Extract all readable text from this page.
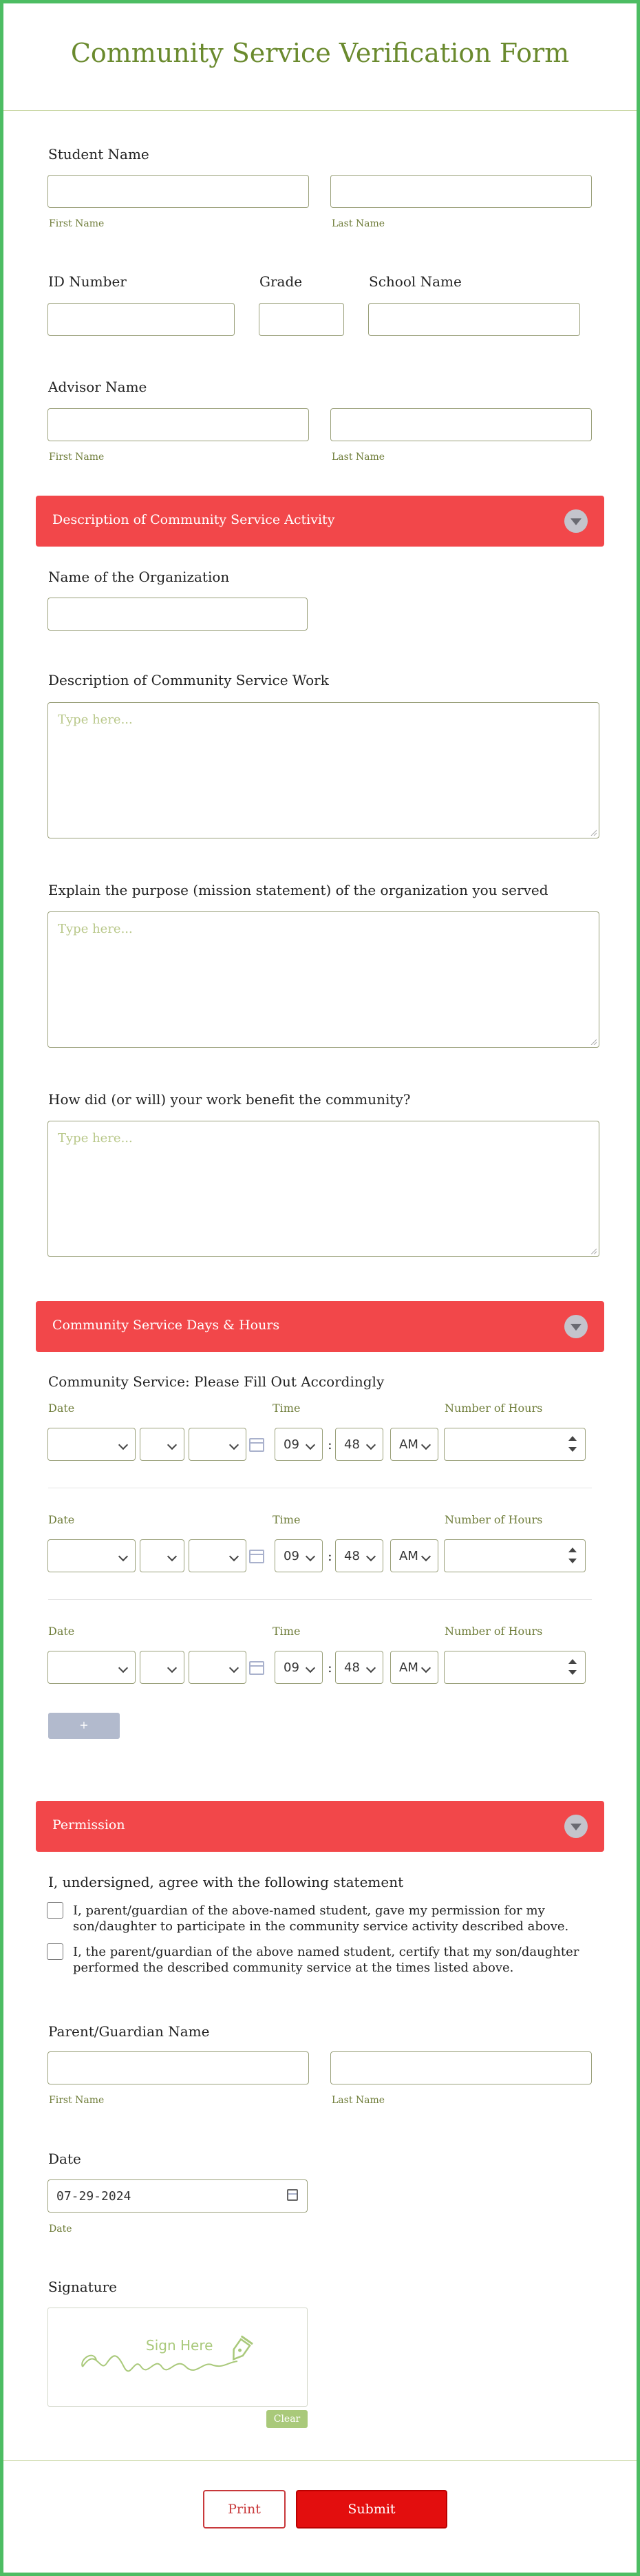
Community Service Verification Form
Student Name
First Name	Last Name
ID Number	Grade	School Name
Advisor Name
First Name	Last Name
Description of Community Service Activity
Name of the Organization
Description of Community Service Work
Type here...
Explain the purpose (mission statement) of the organization you served
Type here...
How did (or will) your work benefit the community?
Type here...
Community Service Days & Hours
Community Service: Please Fill Out Accordingly
Date	Time	Number of Hours
09 : 48	AM
Date	Time	Number of Hours
09 : 48	AM
Date	Time	Number of Hours
09 : 48	AM
+
Permission
I, undersigned, agree with the following statement
I, parent/guardian of the above-named student, gave my permission for my
son/daughter to participate in the community service activity described above.
I, the parent/guardian of the above named student, certify that my son/daughter
performed the described community service at the times listed above.
Parent/Guardian Name
First Name	Last Name
Date
07-29-2024
Date
Signature
Sign Here
Clear
Print	Submit
